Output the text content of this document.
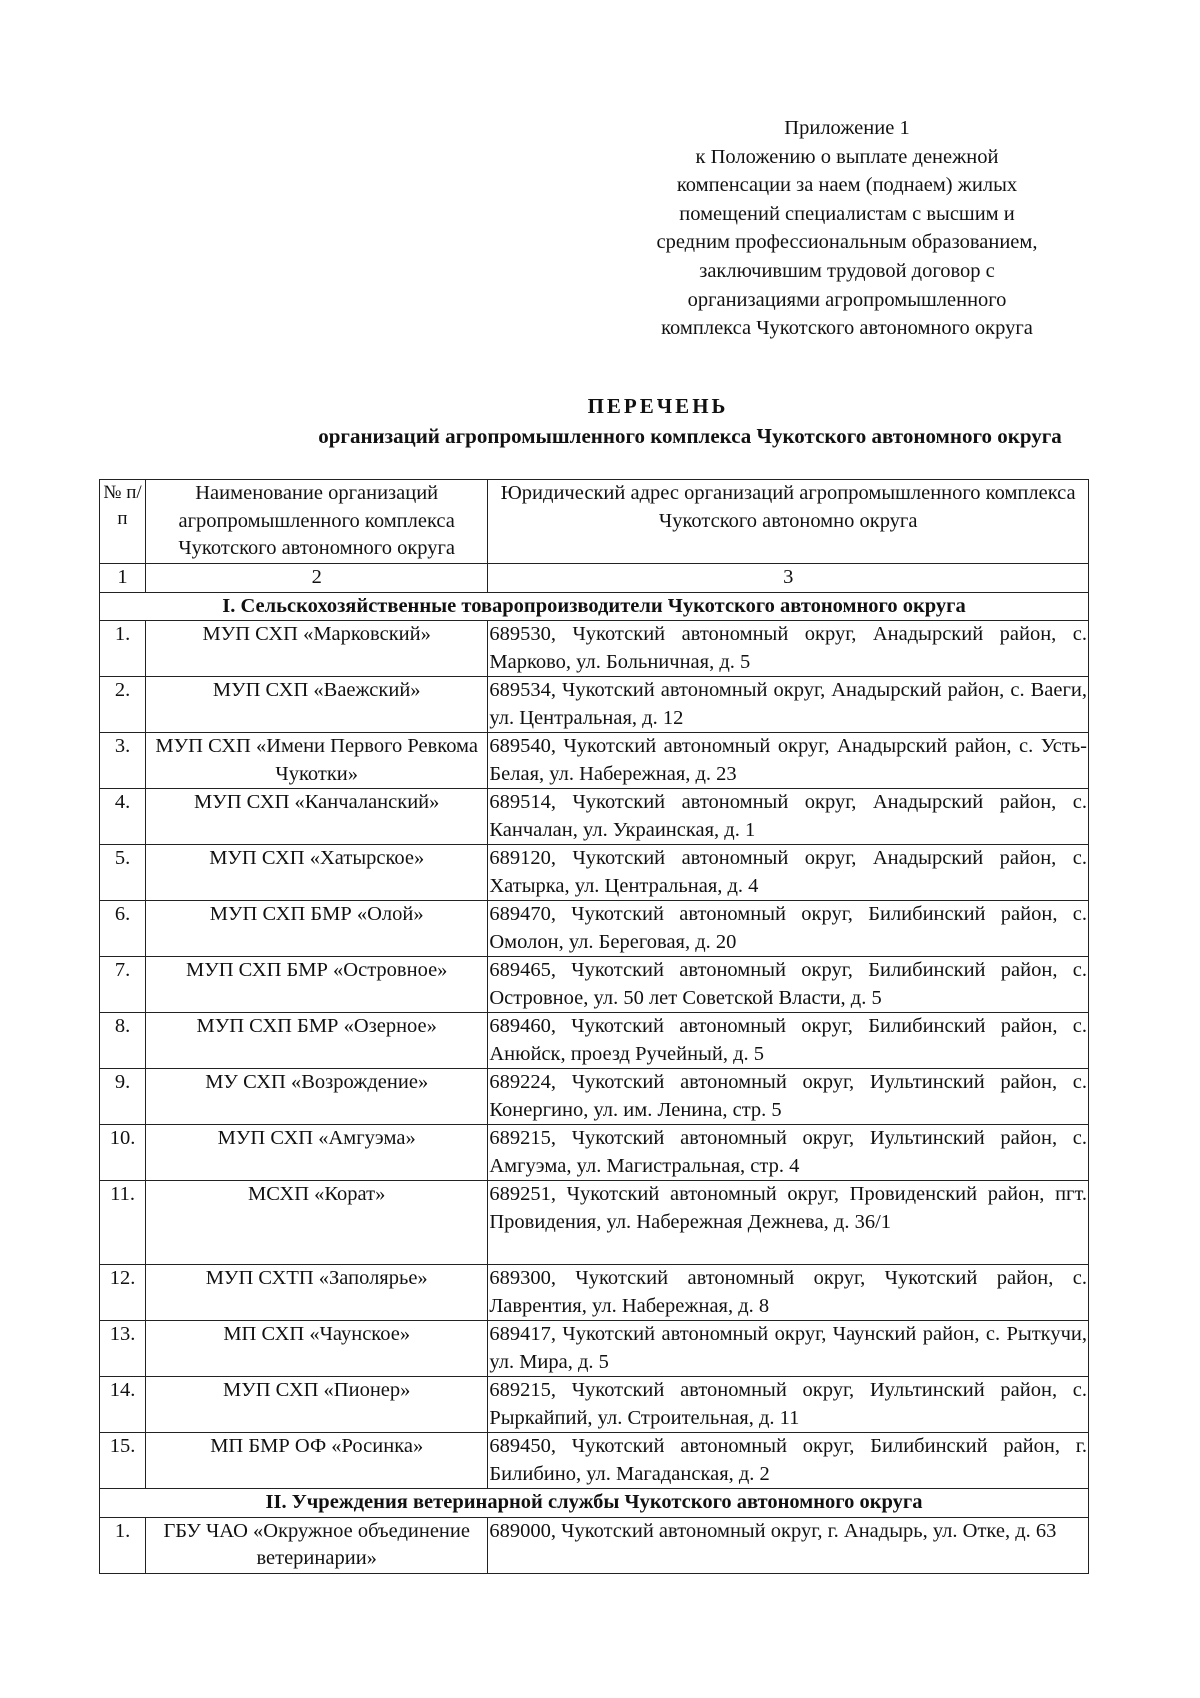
Приложение 1
к Положению о выплате денежной
компенсации за наем (поднаем) жилых
помещений специалистам с высшим и
средним профессиональным образованием,
заключившим трудовой договор с
организациями агропромышленного
комплекса Чукотского автономного округа
ПЕРЕЧЕНЬ
организаций агропромышленного комплекса Чукотского автономного округа
№ п/п	Наименование организаций агропромышленного комплекса Чукотского автономного округа	Юридический адрес организаций агропромышленного комплекса Чукотского автономно округа
1	2	3
I. Сельскохозяйственные товаропроизводители Чукотского автономного округа		
1.	МУП СХП «Марковский»	689530, Чукотский автономный округ, Анадырский район, с. Марково, ул. Больничная, д. 5
2.	МУП СХП «Ваежский»	689534, Чукотский автономный округ, Анадырский район, с. Ваеги, ул. Центральная, д. 12
3.	МУП СХП «Имени Первого Ревкома Чукотки»	689540, Чукотский автономный округ, Анадырский район, с. Усть-Белая, ул. Набережная, д. 23
4.	МУП СХП «Канчаланский»	689514, Чукотский автономный округ, Анадырский район, с. Канчалан, ул. Украинская, д. 1
5.	МУП СХП «Хатырское»	689120, Чукотский автономный округ, Анадырский район, с. Хатырка, ул. Центральная, д. 4
6.	МУП СХП БМР «Олой»	689470, Чукотский автономный округ, Билибинский район, с. Омолон, ул. Береговая, д. 20
7.	МУП СХП БМР «Островное»	689465, Чукотский автономный округ, Билибинский район, с. Островное, ул. 50 лет Советской Власти, д. 5
8.	МУП СХП БМР «Озерное»	689460, Чукотский автономный округ, Билибинский район, с. Анюйск, проезд Ручейный, д. 5
9.	МУ СХП «Возрождение»	689224, Чукотский автономный округ, Иультинский район, с. Конергино, ул. им. Ленина, стр. 5
10.	МУП СХП «Амгуэма»	689215, Чукотский автономный округ, Иультинский район, с. Амгуэма, ул. Магистральная, стр. 4
11.	МСХП «Корат»	689251, Чукотский автономный округ, Провиденский район, пгт. Провидения, ул. Набережная Дежнева, д. 36/1
12.	МУП СХТП «Заполярье»	689300, Чукотский автономный округ, Чукотский район, с. Лаврентия, ул. Набережная, д. 8
13.	МП СХП «Чаунское»	689417, Чукотский автономный округ, Чаунский район, с. Рыткучи, ул. Мира, д. 5
14.	МУП СХП «Пионер»	689215, Чукотский автономный округ, Иультинский район, с. Рыркайпий, ул. Строительная, д. 11
15.	МП БМР ОФ «Росинка»	689450, Чукотский автономный округ, Билибинский район, г. Билибино, ул. Магаданская, д. 2
II. Учреждения ветеринарной службы Чукотского автономного округа		
1.	ГБУ ЧАО «Окружное объединение ветеринарии»	689000, Чукотский автономный округ, г. Анадырь, ул. Отке, д. 63
